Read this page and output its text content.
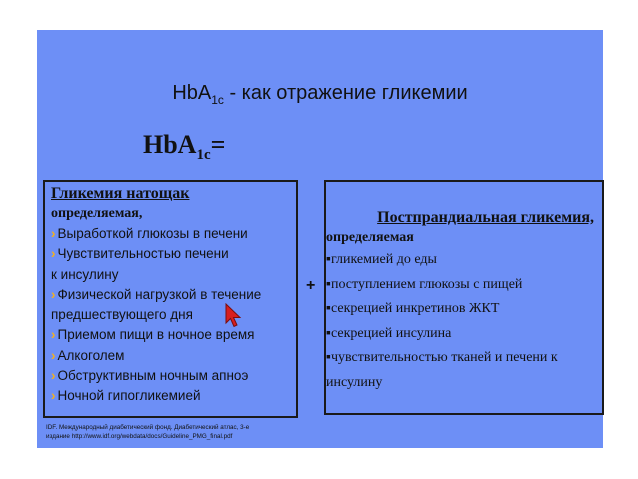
HbA$_{1c}$ - как отражение гликемии
HbA$_{1c}$=
Гликемия натощак
определяемая,
› Выработкой глюкозы в печени
› Чувствительностью печени
к инсулину
› Физической нагрузкой в течение
предшествующего дня
› Приемом пищи в ночное время
› Алкоголем
› Обструктивным ночным апноэ
› Ночной гипогликемией
+
Постпрандиальная гликемия,
определяемая
▪гликемией до еды
▪поступлением глюкозы с пищей
▪секрецией инкретинов ЖКТ
▪секрецией инсулина
▪чувствительностью тканей и печени к
инсулину
IDF. Международный диабетический фонд. Диабетический атлас, 3-е
издание http://www.idf.org/webdata/docs/Guideline_PMG_final.pdf
